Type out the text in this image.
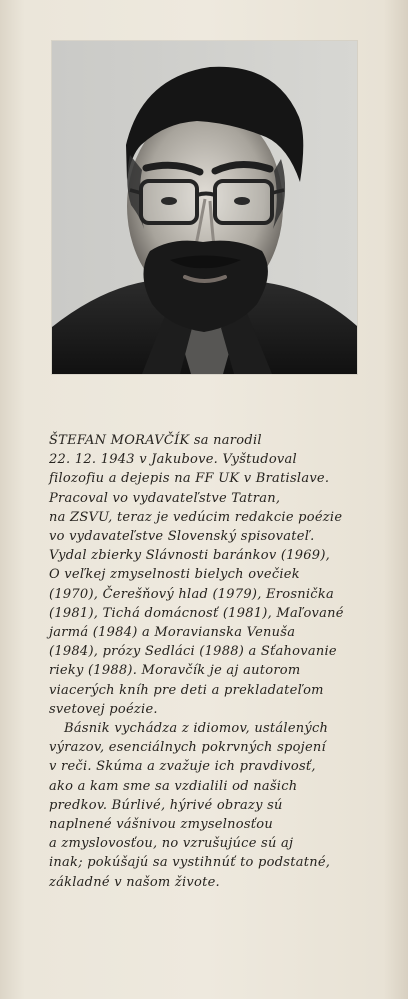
ŠTEFAN MORAVČÍK sa narodil
22. 12. 1943 v Jakubove. Vyštudoval
filozofiu a dejepis na FF UK v Bratislave.
Pracoval vo vydavateľstve Tatran,
na ZSVU, teraz je vedúcim redakcie poézie
vo vydavateľstve Slovenský spisovateľ.
Vydal zbierky Slávnosti baránkov (1969),
O veľkej zmyselnosti bielych ovečiek
(1970), Čerešňový hlad (1979), Erosnička
(1981), Tichá domácnosť (1981), Maľované
jarmá (1984) a Moravianska Venuša
(1984), prózy Sedláci (1988) a Sťahovanie
rieky (1988). Moravčík je aj autorom
viacerých kníh pre deti a prekladateľom
svetovej poézie.
Básnik vychádza z idiomov, ustálených
výrazov, esenciálnych pokrvných spojení
v reči. Skúma a zvažuje ich pravdivosť,
ako a kam sme sa vzdialili od našich
predkov. Búrlivé, hýrivé obrazy sú
naplnené vášnivou zmyselnosťou
a zmyslovosťou, no vzrušujúce sú aj
inak; pokúšajú sa vystihnúť to podstatné,
základné v našom živote.
